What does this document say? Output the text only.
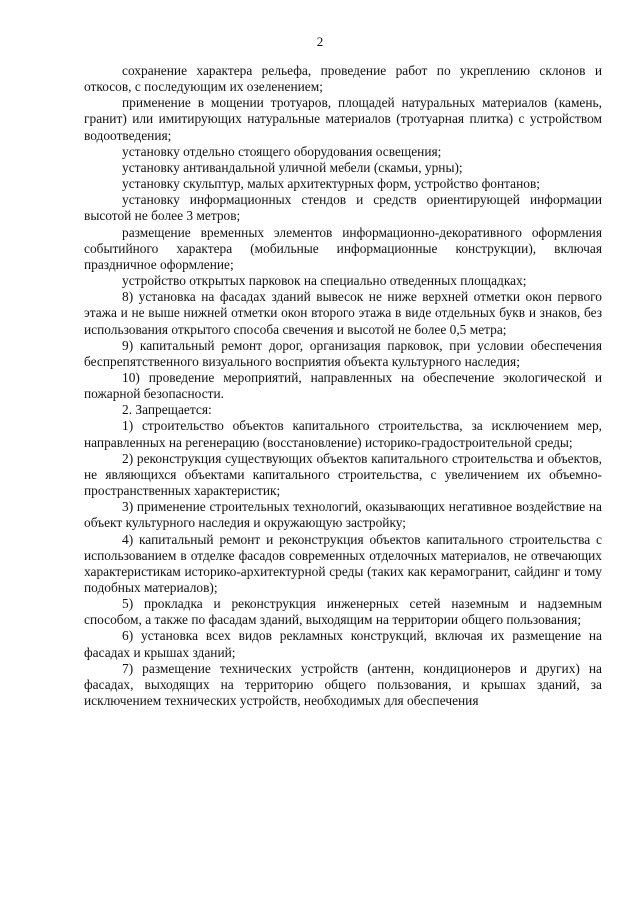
2

сохранение характера рельефа, проведение работ по укреплению склонов и откосов, с последующим их озеленением;

применение в мощении тротуаров, площадей натуральных материалов (камень, гранит) или имитирующих натуральные материалов (тротуарная плитка) с устройством водоотведения;

установку отдельно стоящего оборудования освещения;

установку антивандальной уличной мебели (скамьи, урны);

установку скульптур, малых архитектурных форм, устройство фонтанов;

установку информационных стендов и средств ориентирующей информации высотой не более 3 метров;

размещение временных элементов информационно-декоративного оформления событийного характера (мобильные информационные конструкции), включая праздничное оформление;

устройство открытых парковок на специально отведенных площадках;

8) установка на фасадах зданий вывесок не ниже верхней отметки окон первого этажа и не выше нижней отметки окон второго этажа в виде отдельных букв и знаков, без использования открытого способа свечения и высотой не более 0,5 метра;

9) капитальный ремонт дорог, организация парковок, при условии обеспечения беспрепятственного визуального восприятия объекта культурного наследия;

10) проведение мероприятий, направленных на обеспечение экологической и пожарной безопасности.

2. Запрещается:

1) строительство объектов капитального строительства, за исключением мер, направленных на регенерацию (восстановление) историко-градостроительной среды;

2) реконструкция существующих объектов капитального строительства и объектов, не являющихся объектами капитального строительства, с увеличением их объемно-пространственных характеристик;

3) применение строительных технологий, оказывающих негативное воздействие на объект культурного наследия и окружающую застройку;

4) капитальный ремонт и реконструкция объектов капитального строительства с использованием в отделке фасадов современных отделочных материалов, не отвечающих характеристикам историко-архитектурной среды (таких как керамогранит, сайдинг и тому подобных материалов);

5) прокладка и реконструкция инженерных сетей наземным и надземным способом, а также по фасадам зданий, выходящим на территории общего пользования;

6) установка всех видов рекламных конструкций, включая их размещение на фасадах и крышах зданий;

7) размещение технических устройств (антенн, кондиционеров и других) на фасадах, выходящих на территорию общего пользования, и крышах зданий, за исключением технических устройств, необходимых для обеспечения
